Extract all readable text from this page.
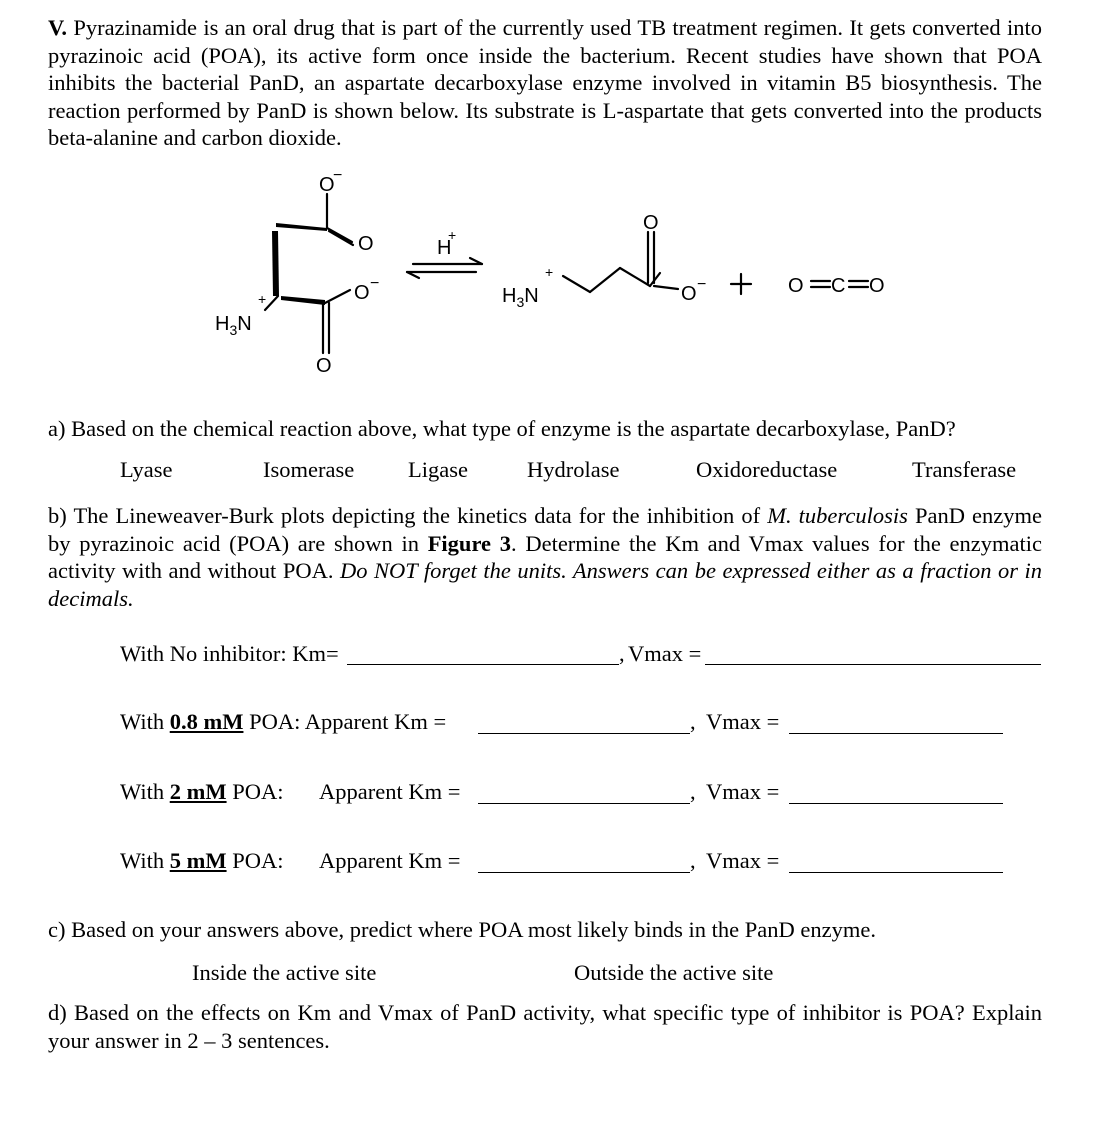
V. Pyrazinamide is an oral drug that is part of the currently used TB treatment regimen. It gets converted into pyrazinoic acid (POA), its active form once inside the bacterium. Recent studies have shown that POA inhibits the bacterial PanD, an aspartate decarboxylase enzyme involved in vitamin B5 biosynthesis. The reaction performed by PanD is shown below. Its substrate is L-aspartate that gets converted into the products beta-alanine and carbon dioxide.

O
−
O
O −
O
$H_3N$
+
H
+
$H_3N$
+
O
O −	O C O

a) Based on the chemical reaction above, what type of enzyme is the aspartate decarboxylase, PanD?

Lyase	Isomerase Ligase	Hydrolase	Oxidoreductase	Transferase

b) The Lineweaver-Burk plots depicting the kinetics data for the inhibition of M. tuberculosis PanD enzyme by pyrazinoic acid (POA) are shown in Figure 3. Determine the Km and Vmax values for the enzymatic activity with and without POA. Do NOT forget the units. Answers can be expressed either as a fraction or in decimals.

With No inhibitor: Km=	, Vmax =
With 0.8 mM POA: Apparent Km =	, Vmax =
With 2 mM POA: Apparent Km =	, Vmax =
With 5 mM POA: Apparent Km =	, Vmax =

c) Based on your answers above, predict where POA most likely binds in the PanD enzyme.

Inside the active site	Outside the active site

d) Based on the effects on Km and Vmax of PanD activity, what specific type of inhibitor is POA? Explain your answer in 2 – 3 sentences.
